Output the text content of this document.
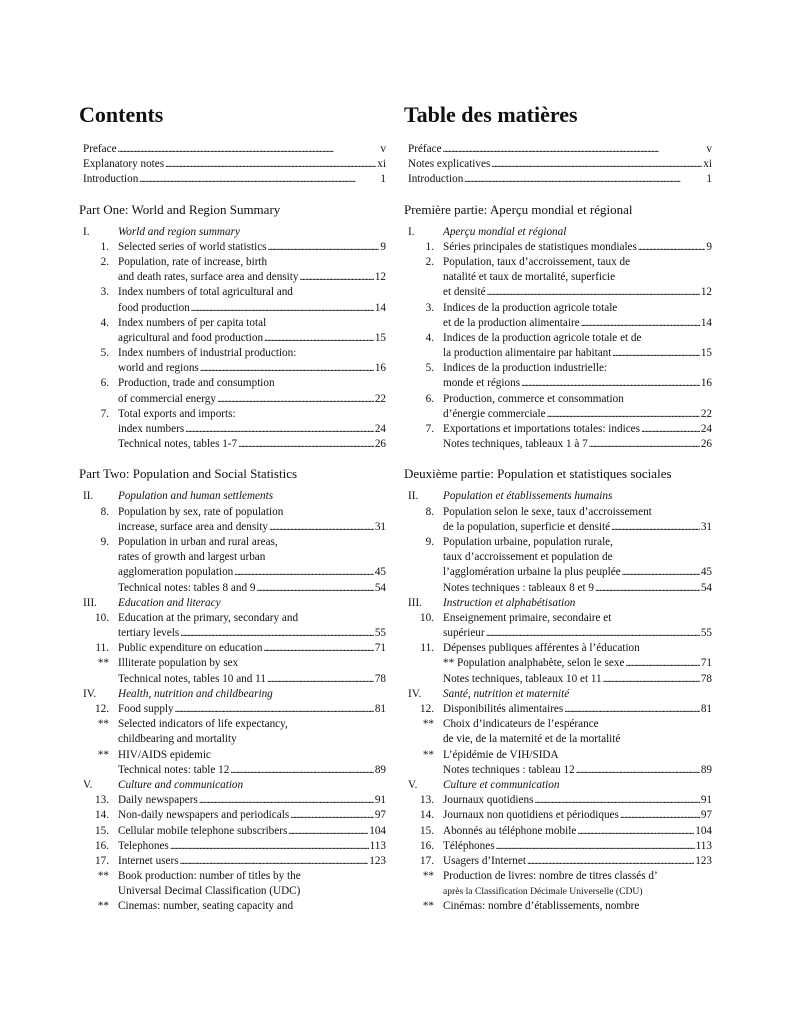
Contents
Preface . . .	v
Explanatory notes . . .	xi
Introduction . . .	1
Part One: World and Region Summary
I.	World and region summary
1. Selected series of world statistics . . .	9
2. Population, rate of increase, birth
and death rates, surface area and density . . .	12
3. Index numbers of total agricultural and
food production . . .	14
4. Index numbers of per capita total
agricultural and food production . . .	15
5. Index numbers of industrial production:
world and regions . . .	16
6. Production, trade and consumption
of commercial energy . . .	22
7. Total exports and imports:
index numbers . . .	24
Technical notes, tables 1-7 . . .	26
Part Two: Population and Social Statistics
II. Population and human settlements
8. Population by sex, rate of population
increase, surface area and density . . .	31
9. Population in urban and rural areas,
rates of growth and largest urban
agglomeration population . . .	45
Technical notes: tables 8 and 9 . . .	54
III. Education and literacy
10. Education at the primary, secondary and
tertiary levels . . .	55
11. Public expenditure on education . . .	71
** Illiterate population by sex
Technical notes, tables 10 and 11 . . .	78
IV. Health, nutrition and childbearing
12. Food supply . . .	81
** Selected indicators of life expectancy,
childbearing and mortality
** HIV/AIDS epidemic
Technical notes: table 12 . . .	89
V. Culture and communication
13. Daily newspapers . . .	91
14. Non-daily newspapers and periodicals . . .	97
15. Cellular mobile telephone subscribers . . .	104
16. Telephones . . .	113
17. Internet users . . .	123
** Book production: number of titles by the
Universal Decimal Classification (UDC)
** Cinemas: number, seating capacity and
Table des matières
Préface . . .	v
Notes explicatives . . .	xi
Introduction . . .	1
Première partie: Aperçu mondial et régional
I.	Aperçu mondial et régional
1. Séries principales de statistiques mondiales . . .	9
2. Population, taux d’accroissement, taux de
natalité et taux de mortalité, superficie
et densité . . .	12
3. Indices de la production agricole totale
et de la production alimentaire . . .	14
4. Indices de la production agricole totale et de
la production alimentaire par habitant . . .	15
5. Indices de la production industrielle:
monde et régions . . .	16
6. Production, commerce et consommation
d’énergie commerciale . . .	22
7. Exportations et importations totales: indices . . .	24
Notes techniques, tableaux 1 à 7 . . .	26
Deuxième partie: Population et statistiques sociales
II. Population et établissements humains
8. Population selon le sexe, taux d’accroissement
de la population, superficie et densité . . .	31
9. Population urbaine, population rurale,
taux d’accroissement et population de
l’agglomération urbaine la plus peuplée . . .	45
Notes techniques : tableaux 8 et 9 . . .	54
III. Instruction et alphabétisation
10. Enseignement primaire, secondaire et
supérieur . . .	55
11. Dépenses publiques afférentes à l’éducation
** Population analphabète, selon le sexe . . .	71
Notes techniques, tableaux 10 et 11 . . .	78
IV. Santé, nutrition et maternité
12. Disponibilités alimentaires . . .	81
** Choix d’indicateurs de l’espérance
de vie, de la maternité et de la mortalité
** L’épidémie de VIH/SIDA
Notes techniques : tableau 12 . . .	89
V. Culture et communication
13. Journaux quotidiens . . .	91
14. Journaux non quotidiens et périodiques . . .	97
15. Abonnés au téléphone mobile . . .	104
16. Téléphones . . .	113
17. Usagers d’Internet . . .	123
** Production de livres: nombre de titres classés d’
après la Classification Décimale Universelle (CDU)
** Cinémas: nombre d’établissements, nombre
